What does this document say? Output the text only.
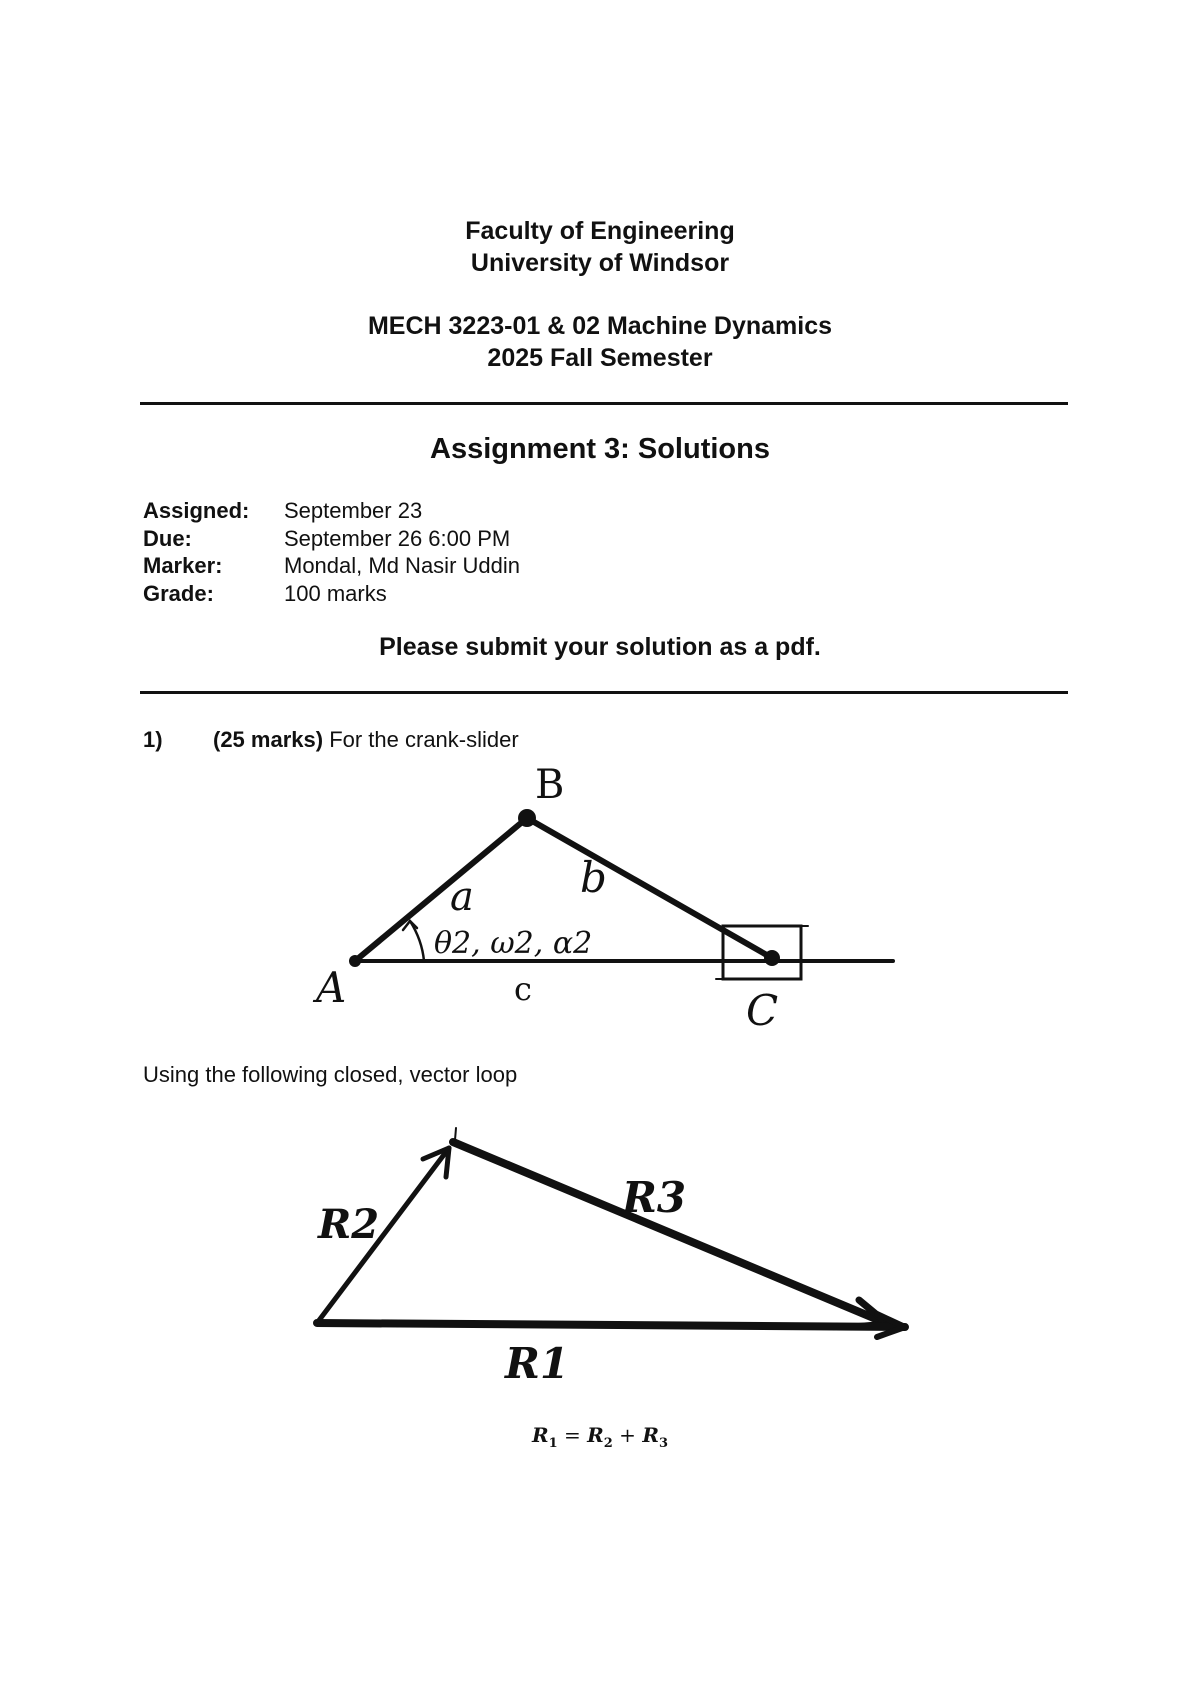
Faculty of Engineering
University of Windsor
MECH 3223-01 & 02 Machine Dynamics
2025 Fall Semester
Assignment 3: Solutions
Assigned:	September 23
Due:	September 26 6:00 PM
Marker:	Mondal, Md Nasir Uddin
Grade:	100 marks
Please submit your solution as a pdf.
1) (25 marks) For the crank-slider
B
a	b
θ2, ω2, α2
A	c	C
Using the following closed, vector loop
R2
R3
R1
$R_1 = R_2 + R_3$
